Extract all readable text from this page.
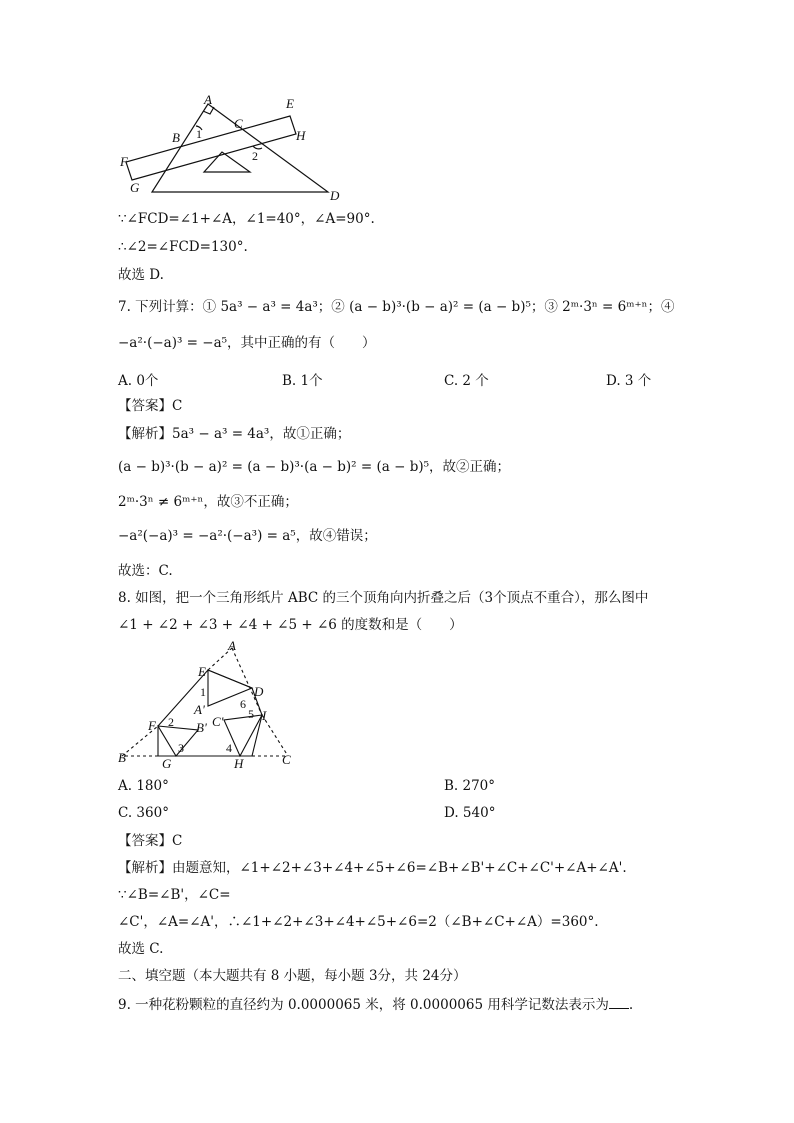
A	E
B 1
C
H
2
F
G
D
∵∠FCD=∠1+∠A，∠1=40°，∠A=90°.
∴∠2=∠FCD=130°.
故选 D.
7. 下列计算：① 5a³ − a³ = 4a³；② (a − b)³·(b − a)² = (a − b)⁵；③ 2ᵐ·3ⁿ = 6ᵐ⁺ⁿ；④
−a²·(−a)³ = −a⁵，其中正确的有（　　）
A. 0个	B. 1个	C. 2 个	D. 3 个
【答案】C
【解析】5a³ − a³ = 4a³，故①正确；
(a − b)³·(b − a)² = (a − b)³·(a − b)² = (a − b)⁵，故②正确；
2ᵐ·3ⁿ ≠ 6ᵐ⁺ⁿ，故③不正确；
−a²(−a)³ = −a²·(−a³) = a⁵，故④错误；
故选：C.
8. 如图，把一个三角形纸片 ABC 的三个顶角向内折叠之后（3个顶点不重合），那么图中
∠1 + ∠2 + ∠3 + ∠4 + ∠5 + ∠6 的度数和是（　　）
A
E
D
1
A'	6
C' 5 I
F 2 B'
B
3	4
G	H	C
A. 180°	B. 270°
C. 360°	D. 540°
【答案】C
【解析】由题意知，∠1+∠2+∠3+∠4+∠5+∠6=∠B+∠B'+∠C+∠C'+∠A+∠A'.
∵∠B=∠B'，∠C=
∠C'，∠A=∠A'，∴∠1+∠2+∠3+∠4+∠5+∠6=2（∠B+∠C+∠A）=360°.
故选 C.
二、填空题（本大题共有 8 小题，每小题 3分，共 24分）
9. 一种花粉颗粒的直径约为 0.0000065 米，将 0.0000065 用科学记数法表示为 .
